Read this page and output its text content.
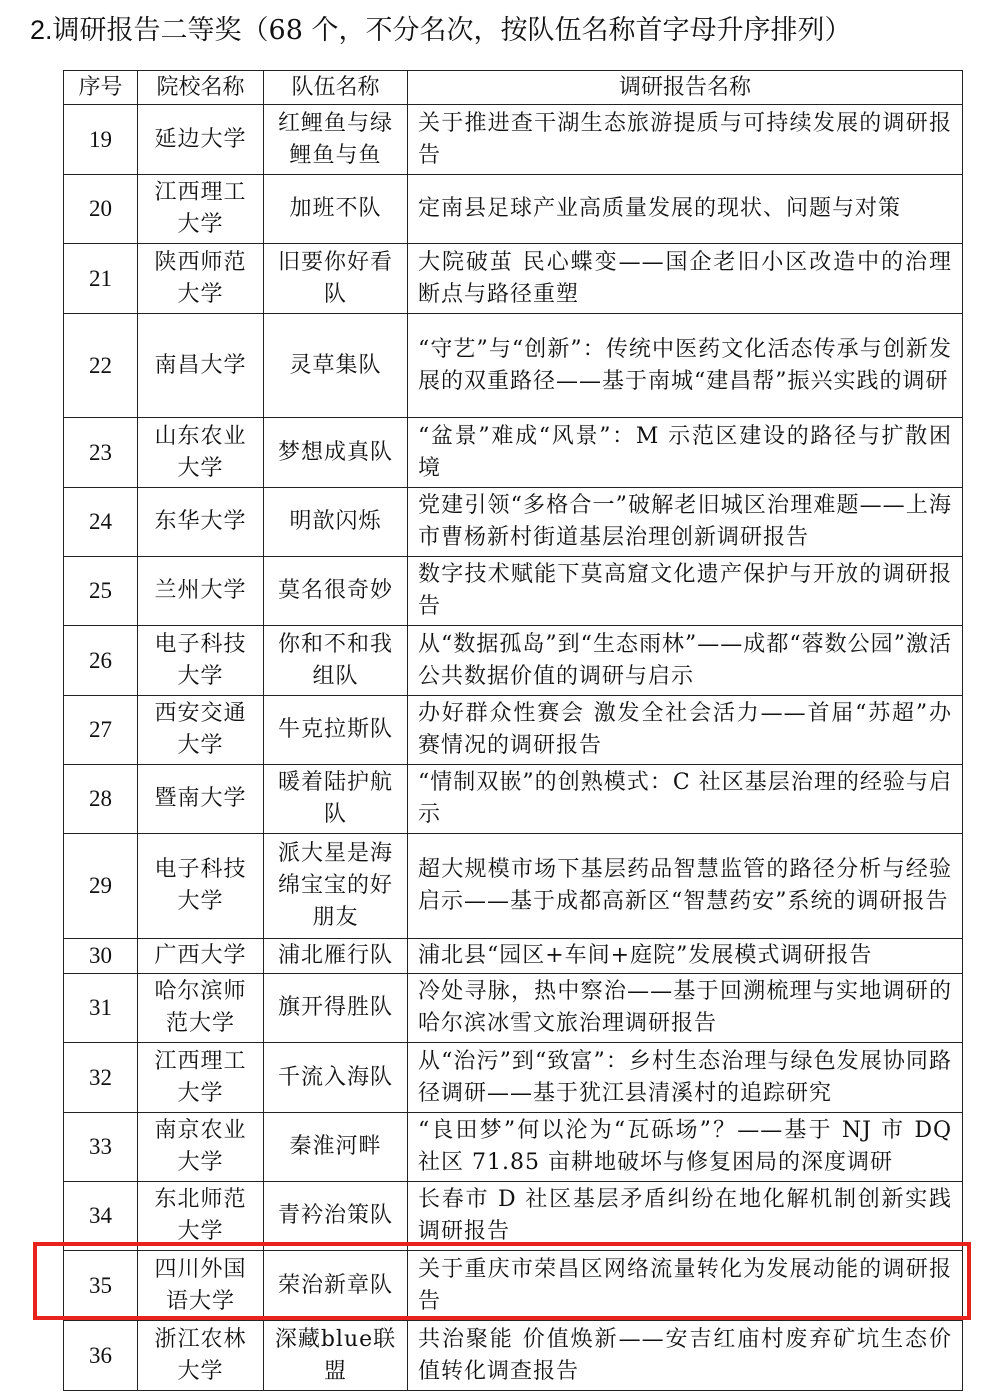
2.调研报告二等奖（68 个，不分名次，按队伍名称首字母升序排列）
序号	院校名称	队伍名称	调研报告名称
19	延边大学	红鲤鱼与绿鲤鱼与鱼	关于推进查干湖生态旅游提质与可持续发展的调研报告
20	江西理工大学	加班不队	定南县足球产业高质量发展的现状、问题与对策
21	陕西师范大学	旧要你好看队	大院破茧 民心蝶变——国企老旧小区改造中的治理断点与路径重塑
22	南昌大学	灵草集队	“守艺”与“创新”：传统中医药文化活态传承与创新发展的双重路径——基于南城“建昌帮”振兴实践的调研
23	山东农业大学	梦想成真队	“盆景”难成“风景”：M 示范区建设的路径与扩散困境
24	东华大学	明歆闪烁	党建引领“多格合一”破解老旧城区治理难题——上海市曹杨新村街道基层治理创新调研报告
25	兰州大学	莫名很奇妙	数字技术赋能下莫高窟文化遗产保护与开放的调研报告
26	电子科技大学	你和不和我组队	从“数据孤岛”到“生态雨林”——成都“蓉数公园”激活公共数据价值的调研与启示
27	西安交通大学	牛克拉斯队	办好群众性赛会 激发全社会活力——首届“苏超”办赛情况的调研报告
28	暨南大学	暖着陆护航队	“情制双嵌”的创熟模式：C 社区基层治理的经验与启示
29	电子科技大学	派大星是海绵宝宝的好朋友	超大规模市场下基层药品智慧监管的路径分析与经验启示——基于成都高新区“智慧药安”系统的调研报告
30	广西大学	浦北雁行队	浦北县“园区+车间+庭院”发展模式调研报告
31	哈尔滨师范大学	旗开得胜队	冷处寻脉，热中察治——基于回溯梳理与实地调研的哈尔滨冰雪文旅治理调研报告
32	江西理工大学	千流入海队	从“治污”到“致富”：乡村生态治理与绿色发展协同路径调研——基于犹江县清溪村的追踪研究
33	南京农业大学	秦淮河畔	“良田梦”何以沦为“瓦砾场”？——基于 NJ 市 DQ 社区 71.85 亩耕地破坏与修复困局的深度调研
34	东北师范大学	青衿治策队	长春市 D 社区基层矛盾纠纷在地化解机制创新实践调研报告
35	四川外国语大学	荣治新章队	关于重庆市荣昌区网络流量转化为发展动能的调研报告
36	浙江农林大学	深藏blue联盟	共治聚能 价值焕新——安吉红庙村废弃矿坑生态价值转化调查报告
